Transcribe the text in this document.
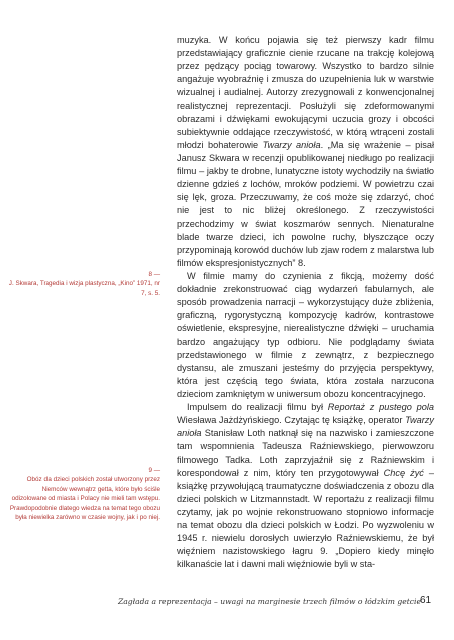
muzyka. W końcu pojawia się też pierwszy kadr filmu przedstawiający graficznie cienie rzucane na trakcję kolejową przez pędzący pociąg towarowy. Wszystko to bardzo silnie angażuje wyobraźnię i zmusza do uzupełnienia luk w warstwie wizualnej i audialnej. Autorzy zrezygnowali z konwencjonalnej realistycznej reprezentacji. Posłużyli się zdeformowanymi obrazami i dźwiękami ewokującymi uczucia grozy i obcości subiektywnie oddające rzeczywistość, w którą wtrąceni zostali młodzi bohaterowie Twarzy anioła. „Ma się wrażenie – pisał Janusz Skwara w recenzji opublikowanej niedługo po realizacji filmu – jakby te drobne, lunatyczne istoty wychodziły na światło dzienne gdzieś z lochów, mroków podziemi. W powietrzu czai się lęk, groza. Przeczuwamy, że coś może się zdarzyć, choć nie jest to nic bliżej określonego. Z rzeczywistości przechodzimy w świat koszmarów sennych. Nienaturalne blade twarze dzieci, ich powolne ruchy, błyszczące oczy przypominają korowód duchów lub zjaw rodem z malarstwa lub filmów ekspresjonistycznych” 8.

W filmie mamy do czynienia z fikcją, możemy dość dokładnie zrekonstruować ciąg wydarzeń fabularnych, ale sposób prowadzenia narracji – wykorzystujący duże zbliżenia, graficzną, rygorystyczną kompozycję kadrów, kontrastowe oświetlenie, ekspresyjne, nierealistyczne dźwięki – uruchamia bardzo angażujący typ odbioru. Nie podglądamy świata przedstawionego w filmie z zewnątrz, z bezpiecznego dystansu, ale zmuszani jesteśmy do przyjęcia perspektywy, która jest częścią tego świata, która została narzucona dzieciom zamkniętym w uniwersum obozu koncentracyjnego.

Impulsem do realizacji filmu był Reportaż z pustego pola Wiesława Jażdżyńskiego. Czytając tę książkę, operator Twarzy anioła Stanisław Loth natknął się na nazwisko i zamieszczone tam wspomnienia Tadeusza Raźniewskiego, pierwowzoru filmowego Tadka. Loth zaprzyjaźnił się z Raźniewskim i korespondował z nim, który ten przygotowywał Chcę żyć – książkę przywołującą traumatyczne doświadczenia z obozu dla dzieci polskich w Litzmannstadt. W reportażu z realizacji filmu czytamy, jak po wojnie rekonstruowano stopniowo informacje na temat obozu dla dzieci polskich w Łodzi. Po wyzwoleniu w 1945 r. niewielu dorosłych uwierzyło Raźniewskiemu, że był więźniem nazistowskiego łagru 9. „Dopiero kiedy minęło kilkanaście lat i dawni mali więźniowie byli w sta-

8 —
J. Skwara, Tragedia i wizja plastyczna, „Kino” 1971, nr 7, s. 5.
9 —
Obóz dla dzieci polskich został utworzony przez Niemców wewnątrz getta, które było ściśle odizolowane od miasta i Polacy nie mieli tam wstępu. Prawdopodobnie dlatego wiedza na temat tego obozu była niewielka zarówno w czasie wojny, jak i po niej.
Zagłada a reprezentacja – uwagi na marginesie trzech filmów o łódzkim getcie 61
